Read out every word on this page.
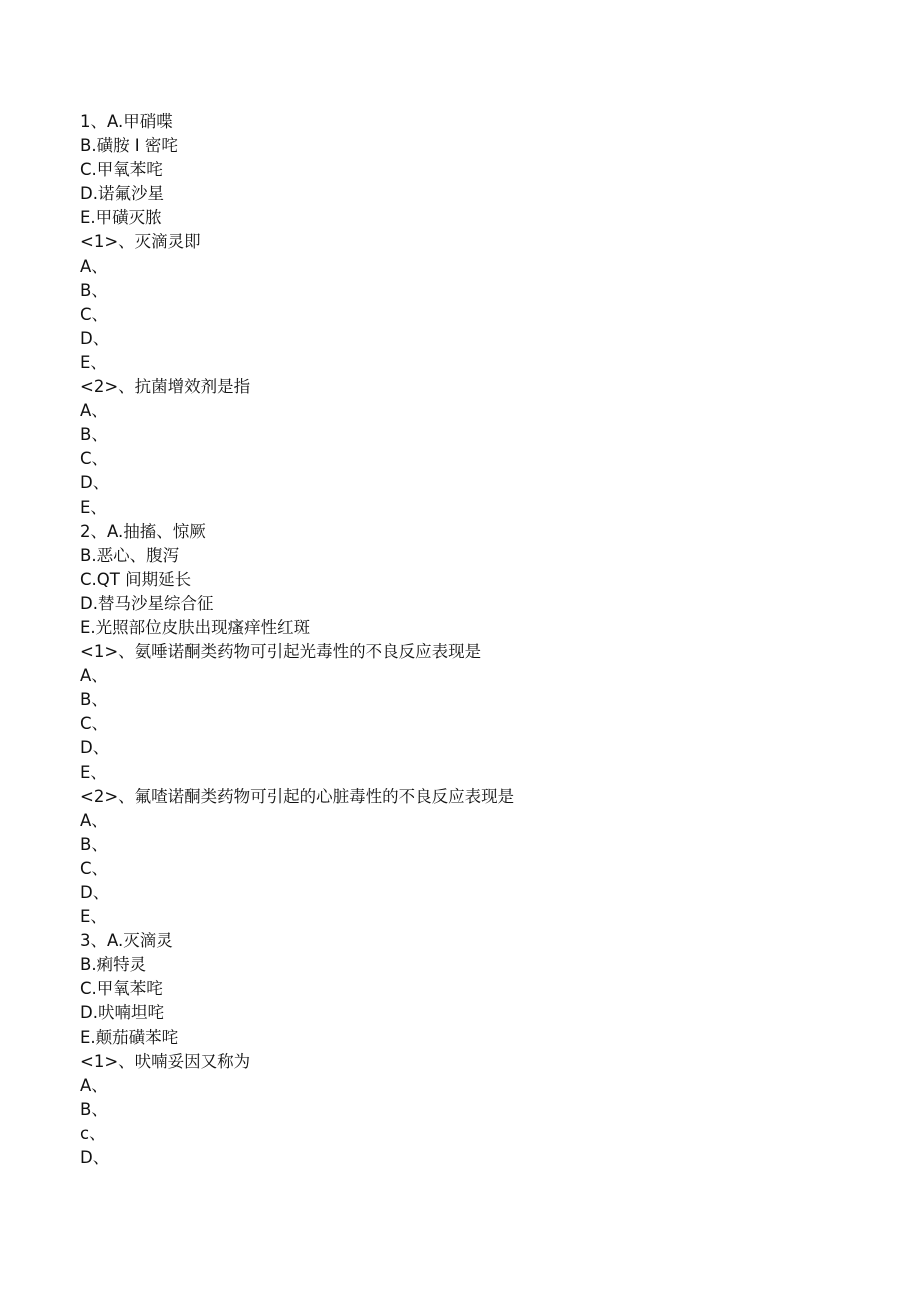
1、A.甲硝喋
B.磺胺 I 密咤
C.甲氧苯咤
D.诺氟沙星
E.甲磺灭脓
<1>、灭滴灵即
A、
B、
C、
D、
E、
<2>、抗菌增效剂是指
A、
B、
C、
D、
E、
2、A.抽搐、惊厥
B.恶心、腹泻
C.QT 间期延长
D.替马沙星综合征
E.光照部位皮肤出现瘙痒性红斑
<1>、氨唾诺酮类药物可引起光毒性的不良反应表现是
A、
B、
C、
D、
E、
<2>、氟喳诺酮类药物可引起的心脏毒性的不良反应表现是
A、
B、
C、
D、
E、
3、A.灭滴灵
B.痢特灵
C.甲氧苯咤
D.吠喃坦咤
E.颠茄磺苯咤
<1>、吠喃妥因又称为
A、
B、
c、
D、
